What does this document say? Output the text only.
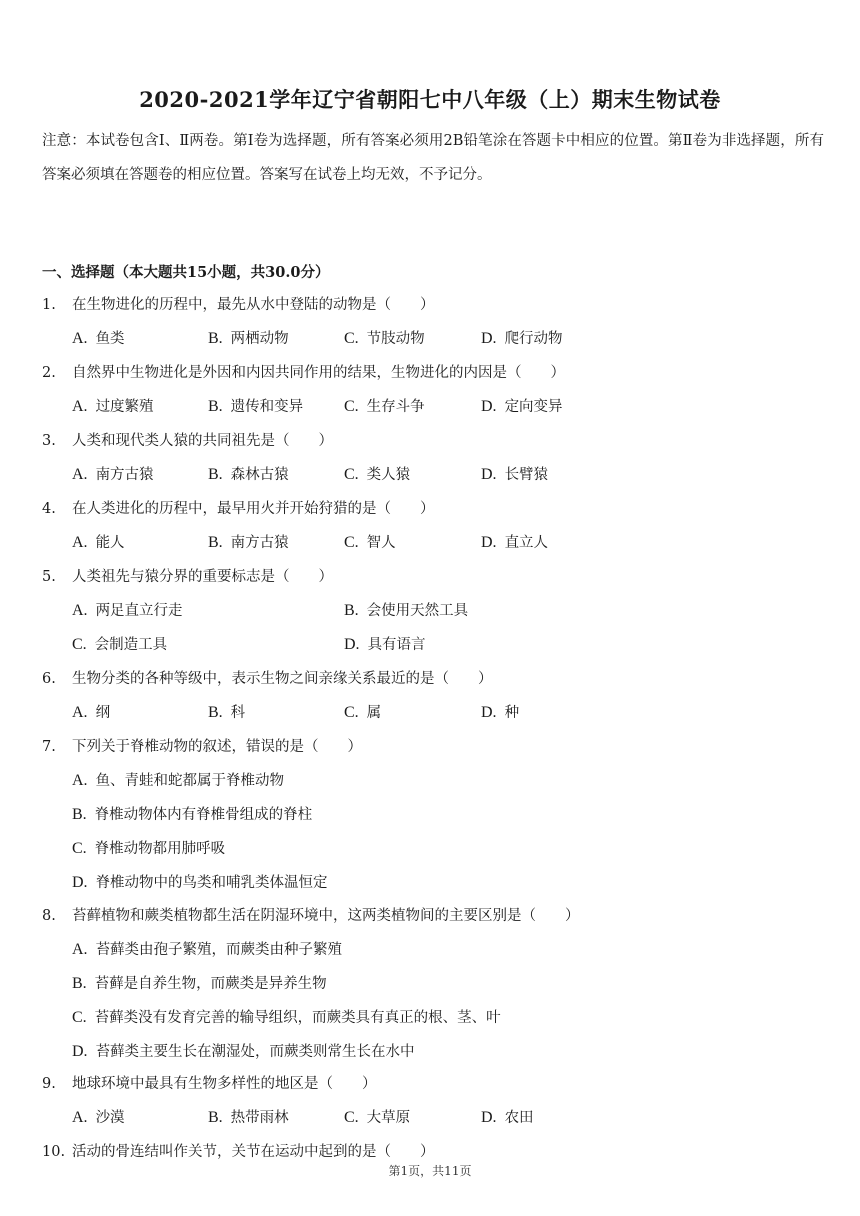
2020-2021学年辽宁省朝阳七中八年级（上）期末生物试卷
注意：本试卷包含Ⅰ、Ⅱ两卷。第Ⅰ卷为选择题，所有答案必须用2B铅笔涂在答题卡中相应的位置。第Ⅱ卷为非选择题，所有答案必须填在答题卷的相应位置。答案写在试卷上均无效，不予记分。
一、选择题（本大题共15小题，共30.0分）
1. 在生物进化的历程中，最先从水中登陆的动物是（　　）
A. 鱼类	B. 两栖动物	C. 节肢动物	D. 爬行动物
2. 自然界中生物进化是外因和内因共同作用的结果，生物进化的内因是（　　）
A. 过度繁殖	B. 遗传和变异	C. 生存斗争	D. 定向变异
3. 人类和现代类人猿的共同祖先是（　　）
A. 南方古猿	B. 森林古猿	C. 类人猿	D. 长臂猿
4. 在人类进化的历程中，最早用火并开始狩猎的是（　　）
A. 能人	B. 南方古猿	C. 智人	D. 直立人
5. 人类祖先与猿分界的重要标志是（　　）
A. 两足直立行走	B. 会使用天然工具
C. 会制造工具	D. 具有语言
6. 生物分类的各种等级中，表示生物之间亲缘关系最近的是（　　）
A. 纲	B. 科	C. 属	D. 种
7. 下列关于脊椎动物的叙述，错误的是（　　）
A. 鱼、青蛙和蛇都属于脊椎动物
B. 脊椎动物体内有脊椎骨组成的脊柱
C. 脊椎动物都用肺呼吸
D. 脊椎动物中的鸟类和哺乳类体温恒定
8. 苔藓植物和蕨类植物都生活在阴湿环境中，这两类植物间的主要区别是（　　）
A. 苔藓类由孢子繁殖，而蕨类由种子繁殖
B. 苔藓是自养生物，而蕨类是异养生物
C. 苔藓类没有发育完善的输导组织，而蕨类具有真正的根、茎、叶
D. 苔藓类主要生长在潮湿处，而蕨类则常生长在水中
9. 地球环境中最具有生物多样性的地区是（　　）
A. 沙漠	B. 热带雨林	C. 大草原	D. 农田
10. 活动的骨连结叫作关节，关节在运动中起到的是（　　）
第1页，共11页
